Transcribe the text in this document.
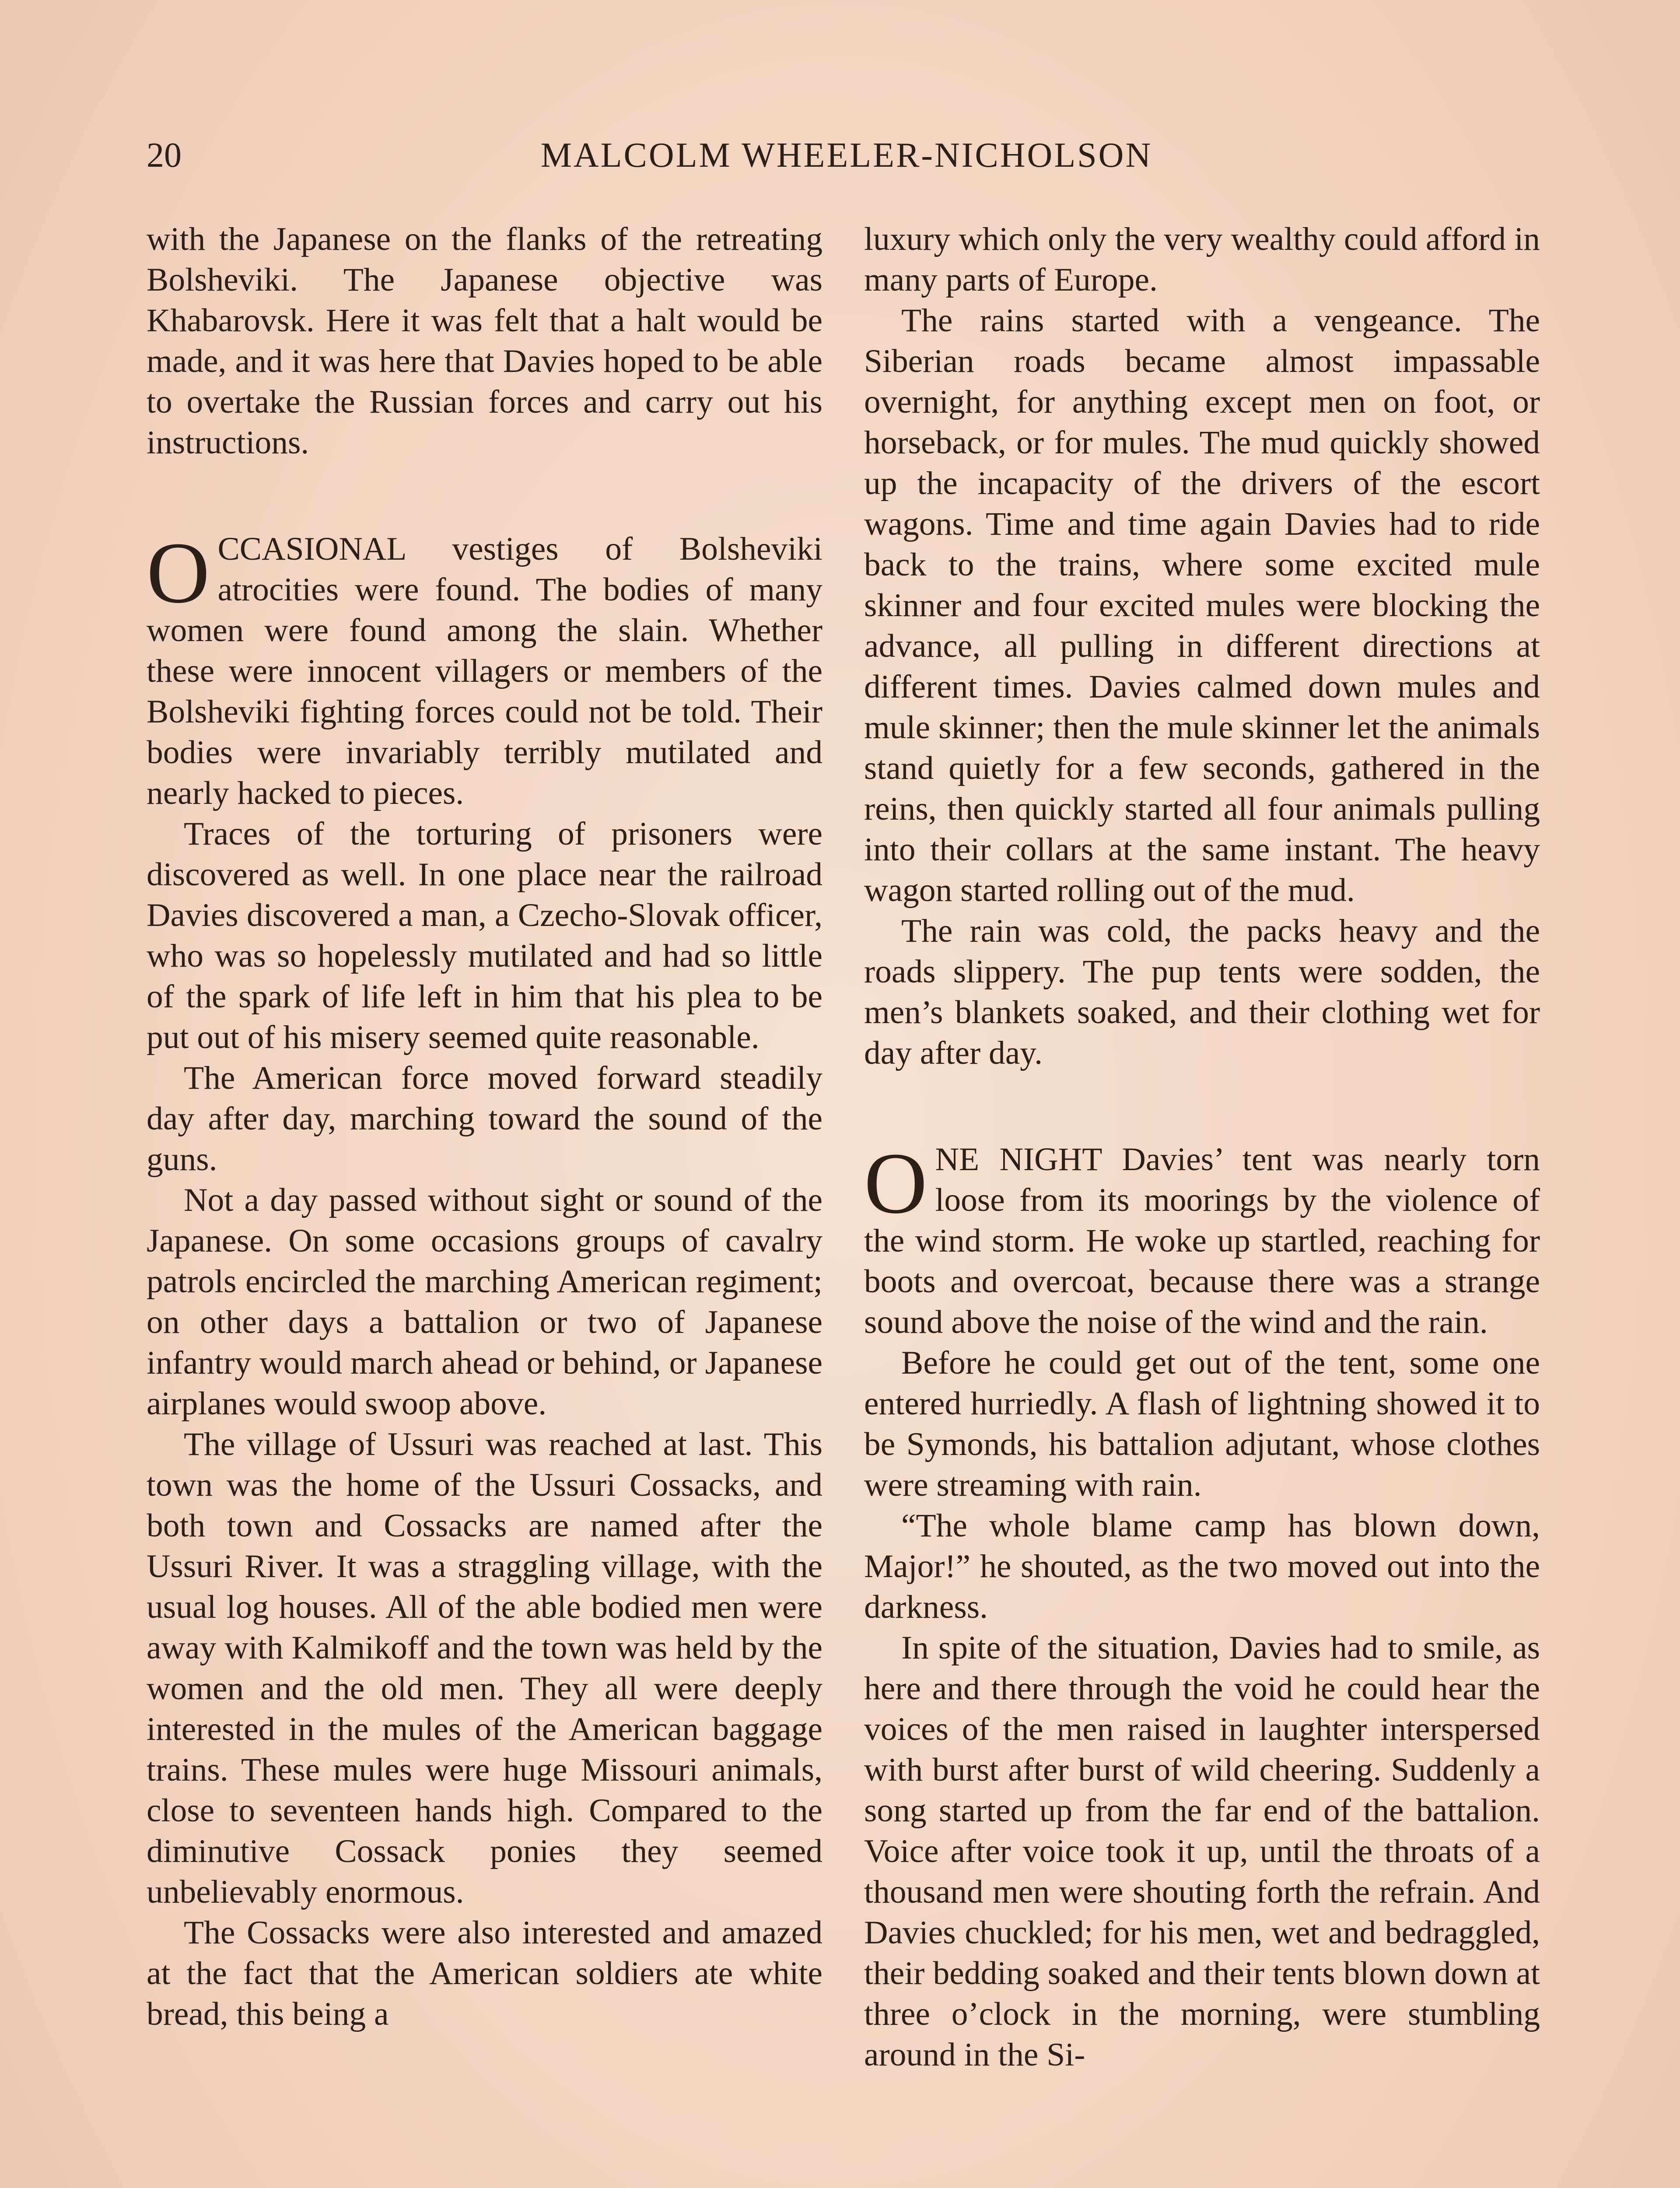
20	MALCOLM WHEELER-NICHOLSON

with the Japanese on the flanks of the retreating Bolsheviki. The Japanese objective was Khabarovsk. Here it was felt that a halt would be made, and it was here that Davies hoped to be able to overtake the Russian forces and carry out his instructions.

OCCASIONAL vestiges of Bolsheviki atrocities were found. The bodies of many women were found among the slain. Whether these were innocent villagers or members of the Bolsheviki fighting forces could not be told. Their bodies were invariably terribly mutilated and nearly hacked to pieces.

Traces of the torturing of prisoners were discovered as well. In one place near the railroad Davies discovered a man, a Czecho-Slovak officer, who was so hopelessly mutilated and had so little of the spark of life left in him that his plea to be put out of his misery seemed quite reasonable.

The American force moved forward steadily day after day, marching toward the sound of the guns.

Not a day passed without sight or sound of the Japanese. On some occasions groups of cavalry patrols encircled the marching American regiment; on other days a battalion or two of Japanese infantry would march ahead or behind, or Japanese airplanes would swoop above.

The village of Ussuri was reached at last. This town was the home of the Ussuri Cossacks, and both town and Cossacks are named after the Ussuri River. It was a straggling village, with the usual log houses. All of the able bodied men were away with Kalmikoff and the town was held by the women and the old men. They all were deeply interested in the mules of the American baggage trains. These mules were huge Missouri animals, close to seventeen hands high. Compared to the diminutive Cossack ponies they seemed unbelievably enormous.

The Cossacks were also interested and amazed at the fact that the American soldiers ate white bread, this being a

luxury which only the very wealthy could afford in many parts of Europe.

The rains started with a vengeance. The Siberian roads became almost impassable overnight, for anything except men on foot, or horseback, or for mules. The mud quickly showed up the incapacity of the drivers of the escort wagons. Time and time again Davies had to ride back to the trains, where some excited mule skinner and four excited mules were blocking the advance, all pulling in different directions at different times. Davies calmed down mules and mule skinner; then the mule skinner let the animals stand quietly for a few seconds, gathered in the reins, then quickly started all four animals pulling into their collars at the same instant. The heavy wagon started rolling out of the mud.

The rain was cold, the packs heavy and the roads slippery. The pup tents were sodden, the men’s blankets soaked, and their clothing wet for day after day.

ONE NIGHT Davies’ tent was nearly torn loose from its moorings by the violence of the wind storm. He woke up startled, reaching for boots and overcoat, because there was a strange sound above the noise of the wind and the rain.

Before he could get out of the tent, some one entered hurriedly. A flash of lightning showed it to be Symonds, his battalion adjutant, whose clothes were streaming with rain.

“The whole blame camp has blown down, Major!” he shouted, as the two moved out into the darkness.

In spite of the situation, Davies had to smile, as here and there through the void he could hear the voices of the men raised in laughter interspersed with burst after burst of wild cheering. Suddenly a song started up from the far end of the battalion. Voice after voice took it up, until the throats of a thousand men were shouting forth the refrain. And Davies chuckled; for his men, wet and bedraggled, their bedding soaked and their tents blown down at three o’clock in the morning, were stumbling around in the Si-
